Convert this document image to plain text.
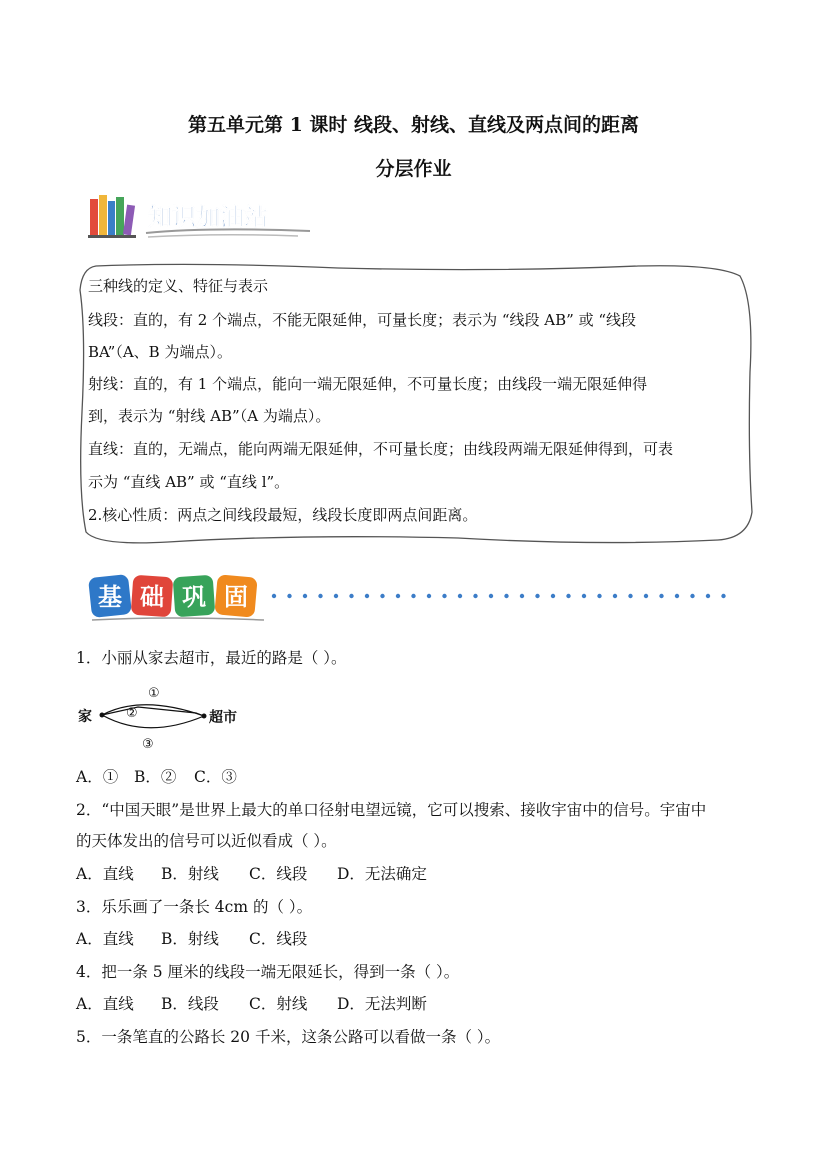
第五单元第 1 课时 线段、射线、直线及两点间的距离
分层作业
知识加油站
三种线的定义、特征与表示
线段：直的，有 2 个端点，不能无限延伸，可量长度；表示为 “线段 AB” 或 “线段
BA”（A、B 为端点）。
射线：直的，有 1 个端点，能向一端无限延伸，不可量长度；由线段一端无限延伸得
到，表示为 “射线 AB”（A 为端点）。
直线：直的，无端点，能向两端无限延伸，不可量长度；由线段两端无限延伸得到，可表
示为 “直线 AB” 或 “直线 l”。
2.核心性质：两点之间线段最短，线段长度即两点间距离。
基 础 巩 固
1．小丽从家去超市，最近的路是（ ）。
家	超市
①
②
③
A．① B．② C．③
2．“中国天眼”是世界上最大的单口径射电望远镜，它可以搜索、接收宇宙中的信号。宇宙中
的天体发出的信号可以近似看成（ ）。
A．直线 B．射线 C．线段 D．无法确定
3．乐乐画了一条长 4cm 的（ ）。
A．直线 B．射线 C．线段
4．把一条 5 厘米的线段一端无限延长，得到一条（ ）。
A．直线 B．线段 C．射线 D．无法判断
5．一条笔直的公路长 20 千米，这条公路可以看做一条（ ）。
